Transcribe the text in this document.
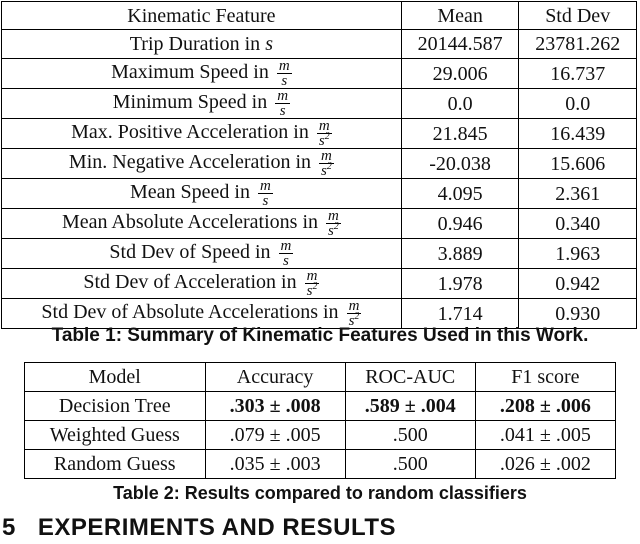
Kinematic Feature	Mean	Std Dev
Trip Duration in s	20144.587	23781.262
Maximum Speed in $\frac{m}{s}$	29.006	16.737
Minimum Speed in $\frac{m}{s}$	0.0	0.0
Max. Positive Acceleration in $\frac{m}{s^2}$	21.845	16.439
Min. Negative Acceleration in $\frac{m}{s^2}$	-20.038	15.606
Mean Speed in $\frac{m}{s}$	4.095	2.361
Mean Absolute Accelerations in $\frac{m}{s^2}$	0.946	0.340
Std Dev of Speed in $\frac{m}{s}$	3.889	1.963
Std Dev of Acceleration in $\frac{m}{s^2}$	1.978	0.942
Std Dev of Absolute Accelerations in $\frac{m}{s^2}$	1.714	0.930
Table 1: Summary of Kinematic Features Used in this Work.
Model	Accuracy	ROC-AUC	F1 score
Decision Tree	.303 ± .008	.589 ± .004	.208 ± .006
Weighted Guess	.079 ± .005	.500	.041 ± .005
Random Guess	.035 ± .003	.500	.026 ± .002
Table 2: Results compared to random classifiers
5 EXPERIMENTS AND RESULTS
